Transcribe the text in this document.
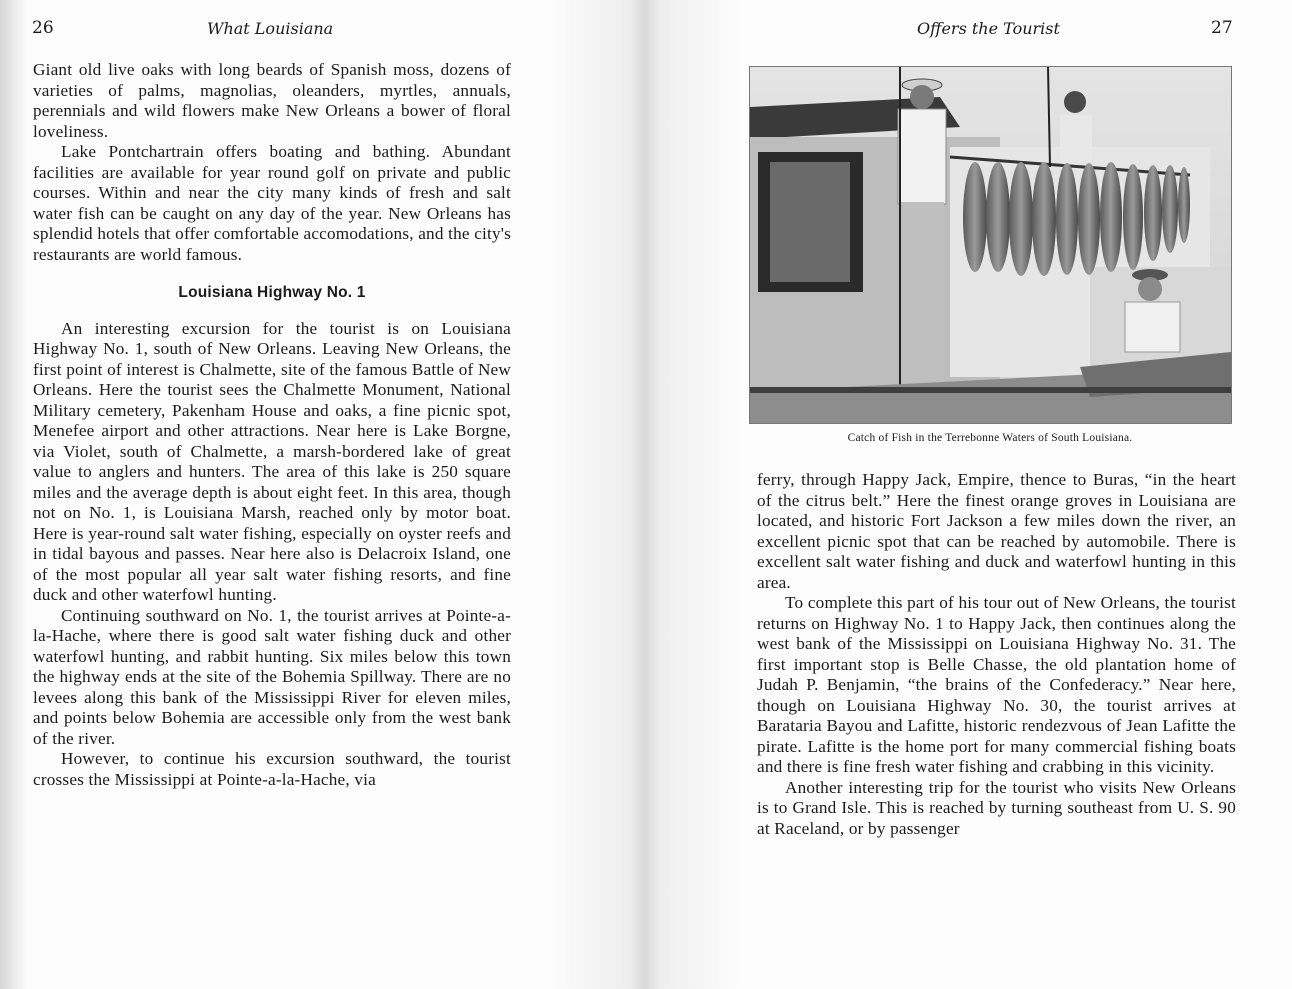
26	What Louisiana

Giant old live oaks with long beards of Spanish moss, dozens of varieties of palms, magnolias, oleanders, myrtles, annuals, perennials and wild flowers make New Orleans a bower of floral loveliness.

Lake Pontchartrain offers boating and bathing. Abundant facilities are available for year round golf on private and public courses. Within and near the city many kinds of fresh and salt water fish can be caught on any day of the year. New Orleans has splendid hotels that offer comfortable accomodations, and the city's restaurants are world famous.

Louisiana Highway No. 1

An interesting excursion for the tourist is on Louisiana Highway No. 1, south of New Orleans. Leaving New Orleans, the first point of interest is Chalmette, site of the famous Battle of New Orleans. Here the tourist sees the Chalmette Monument, National Military cemetery, Pakenham House and oaks, a fine picnic spot, Menefee airport and other attractions. Near here is Lake Borgne, via Violet, south of Chalmette, a marsh-bordered lake of great value to anglers and hunters. The area of this lake is 250 square miles and the average depth is about eight feet. In this area, though not on No. 1, is Louisiana Marsh, reached only by motor boat. Here is year-round salt water fishing, especially on oyster reefs and in tidal bayous and passes. Near here also is Delacroix Island, one of the most popular all year salt water fishing resorts, and fine duck and other waterfowl hunting.

Continuing southward on No. 1, the tourist arrives at Pointe-a-la-Hache, where there is good salt water fishing duck and other waterfowl hunting, and rabbit hunting. Six miles below this town the highway ends at the site of the Bohemia Spillway. There are no levees along this bank of the Mississippi River for eleven miles, and points below Bohemia are accessible only from the west bank of the river.

However, to continue his excursion southward, the tourist crosses the Mississippi at Pointe-a-la-Hache, via

Offers the Tourist	27
Catch of Fish in the Terrebonne Waters of South Louisiana.

ferry, through Happy Jack, Empire, thence to Buras, “in the heart of the citrus belt.” Here the finest orange groves in Louisiana are located, and historic Fort Jackson a few miles down the river, an excellent picnic spot that can be reached by automobile. There is excellent salt water fishing and duck and waterfowl hunting in this area.

To complete this part of his tour out of New Orleans, the tourist returns on Highway No. 1 to Happy Jack, then continues along the west bank of the Mississippi on Louisiana Highway No. 31. The first important stop is Belle Chasse, the old plantation home of Judah P. Benjamin, “the brains of the Confederacy.” Near here, though on Louisiana Highway No. 30, the tourist arrives at Barataria Bayou and Lafitte, historic rendezvous of Jean Lafitte the pirate. Lafitte is the home port for many commercial fishing boats and there is fine fresh water fishing and crabbing in this vicinity.

Another interesting trip for the tourist who visits New Orleans is to Grand Isle. This is reached by turning southeast from U. S. 90 at Raceland, or by passenger
